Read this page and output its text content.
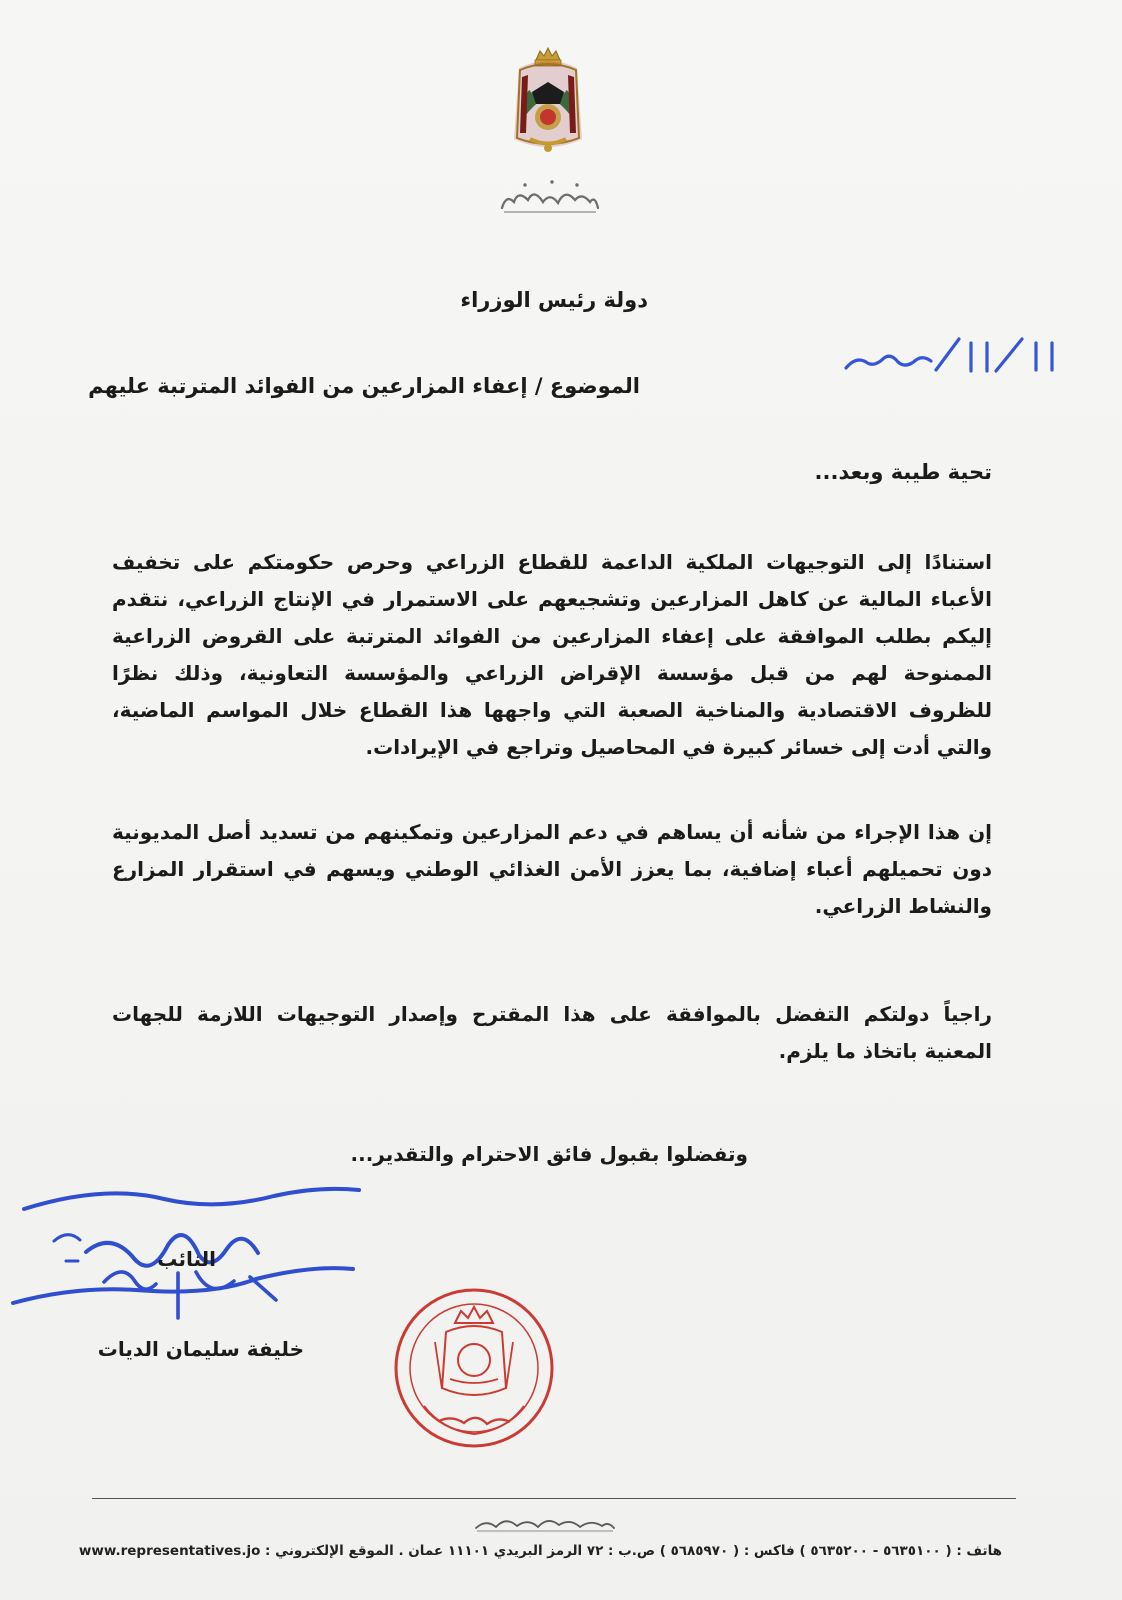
دولة رئيس الوزراء
الموضوع / إعفاء المزارعين من الفوائد المترتبة عليهم
تحية طيبة وبعد...
استنادًا إلى التوجيهات الملكية الداعمة للقطاع الزراعي وحرص حكومتكم على تخفيف الأعباء المالية عن كاهل المزارعين وتشجيعهم على الاستمرار في الإنتاج الزراعي، نتقدم إليكم بطلب الموافقة على إعفاء المزارعين من الفوائد المترتبة على القروض الزراعية الممنوحة لهم من قبل مؤسسة الإقراض الزراعي والمؤسسة التعاونية، وذلك نظرًا للظروف الاقتصادية والمناخية الصعبة التي واجهها هذا القطاع خلال المواسم الماضية، والتي أدت إلى خسائر كبيرة في المحاصيل وتراجع في الإيرادات.
إن هذا الإجراء من شأنه أن يساهم في دعم المزارعين وتمكينهم من تسديد أصل المديونية دون تحميلهم أعباء إضافية، بما يعزز الأمن الغذائي الوطني ويسهم في استقرار المزارع والنشاط الزراعي.
راجياً دولتكم التفضل بالموافقة على هذا المقترح وإصدار التوجيهات اللازمة للجهات المعنية باتخاذ ما يلزم.
وتفضلوا بقبول فائق الاحترام والتقدير...
النائب
خليفة سليمان الديات
هاتف : ( ٥٦٣٥١٠٠ - ٥٦٣٥٢٠٠ ) فاكس : ( ٥٦٨٥٩٧٠ ) ص.ب : ٧٢ الرمز البريدي ١١١٠١ عمان . الموقع الإلكتروني : www.representatives.jo
